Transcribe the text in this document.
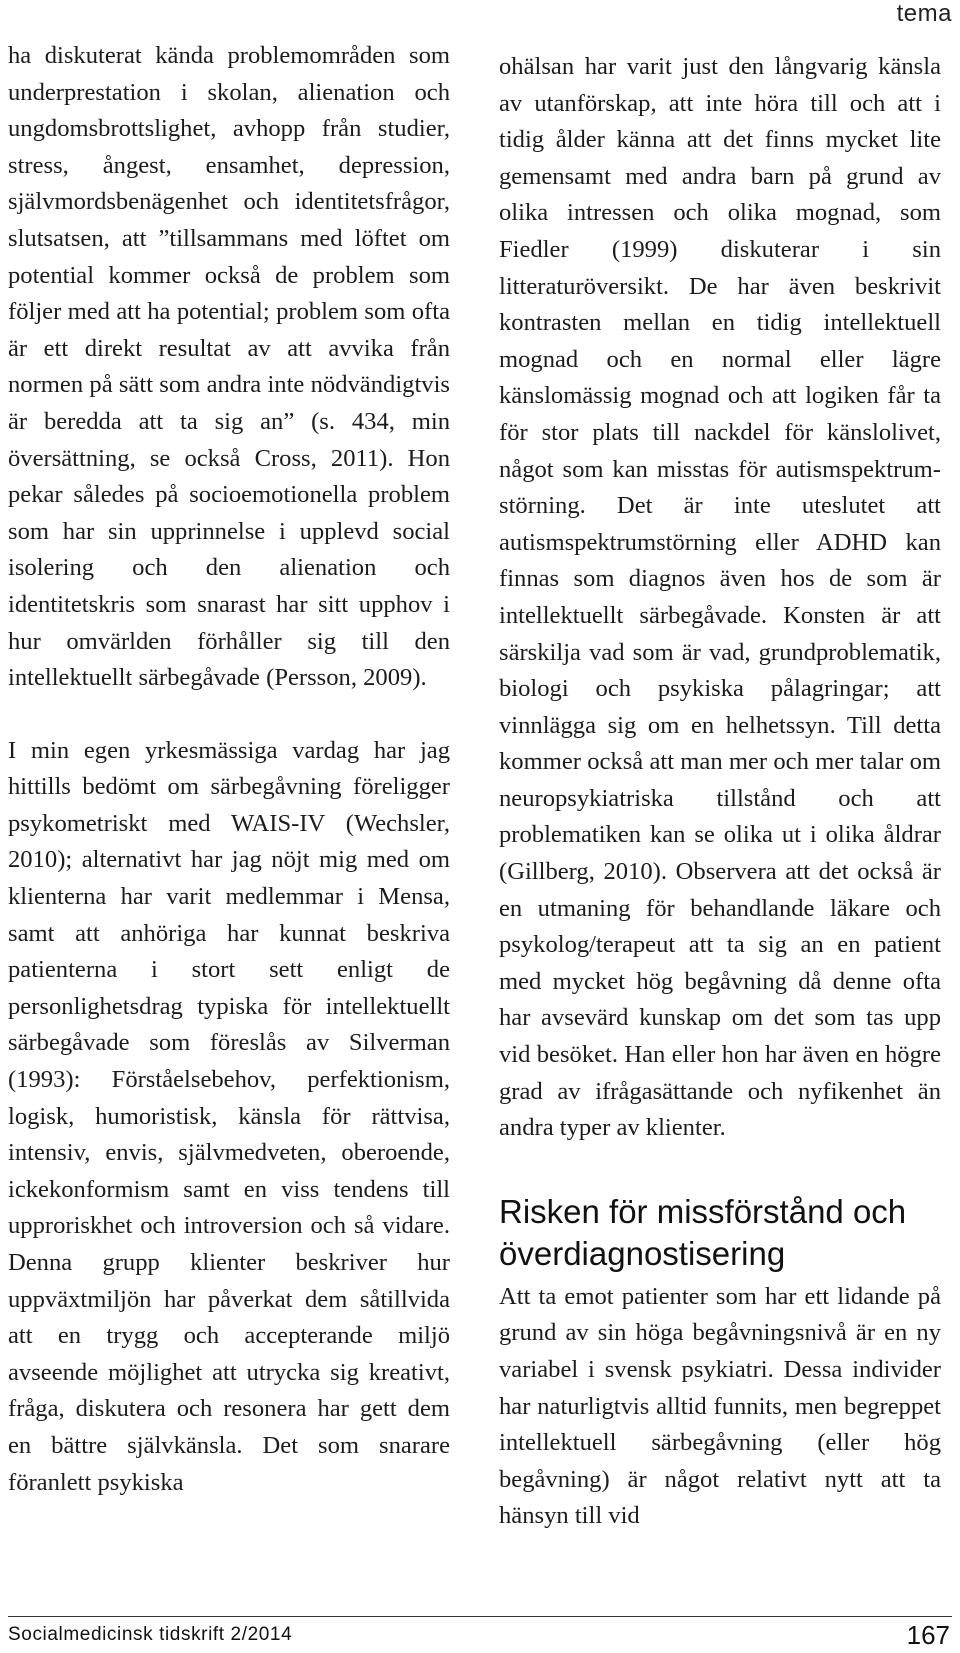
tema

ha diskuterat kända problemområden som underprestation i skolan, alienation och ungdomsbrottslighet, avhopp från studier, stress, ångest, ensamhet, depression, självmordsbenägenhet och identitetsfrågor, slutsatsen, att ”tillsammans med löftet om potential kommer också de problem som följer med att ha potential; problem som ofta är ett direkt resultat av att avvika från normen på sätt som andra inte nödvändigtvis är beredda att ta sig an” (s. 434, min översättning, se också Cross, 2011). Hon pekar således på socioemotionella problem som har sin upprinnelse i upplevd social isolering och den alienation och identitetskris som snarast har sitt upphov i hur omvärlden förhåller sig till den intellektuellt särbegåvade (Persson, 2009).

I min egen yrkesmässiga vardag har jag hittills bedömt om särbegåvning föreligger psykometriskt med WAIS-IV (Wechsler, 2010); alternativt har jag nöjt mig med om klienterna har varit medlemmar i Mensa, samt att anhöriga har kunnat beskriva patienterna i stort sett enligt de personlighetsdrag typiska för intellektuellt särbegåvade som föreslås av Silverman (1993): Förståelsebehov, perfektionism, logisk, humoristisk, känsla för rättvisa, intensiv, envis, självmedveten, oberoende, ickekonformism samt en viss tendens till upproriskhet och introversion och så vidare. Denna grupp klienter beskriver hur uppväxtmiljön har påverkat dem såtillvida att en trygg och accepterande miljö avseende möjlighet att utrycka sig kreativt, fråga, diskutera och resonera har gett dem en bättre självkänsla. Det som snarare föranlett psykiska

ohälsan har varit just den långvarig känsla av utanförskap, att inte höra till och att i tidig ålder känna att det finns mycket lite gemensamt med andra barn på grund av olika intressen och olika mognad, som Fiedler (1999) diskuterar i sin litteraturöversikt. De har även beskrivit kontrasten mellan en tidig intellektuell mognad och en normal eller lägre känslomässig mognad och att logiken får ta för stor plats till nackdel för känslolivet, något som kan misstas för autismspektrum-störning. Det är inte uteslutet att autismspektrumstörning eller ADHD kan finnas som diagnos även hos de som är intellektuellt särbegåvade. Konsten är att särskilja vad som är vad, grundproblematik, biologi och psykiska pålagringar; att vinnlägga sig om en helhetssyn. Till detta kommer också att man mer och mer talar om neuropsykiatriska tillstånd och att problematiken kan se olika ut i olika åldrar (Gillberg, 2010). Observera att det också är en utmaning för behandlande läkare och psykolog/terapeut att ta sig an en patient med mycket hög begåvning då denne ofta har avsevärd kunskap om det som tas upp vid besöket. Han eller hon har även en högre grad av ifrågasättande och nyfikenhet än andra typer av klienter.

Risken för missförstånd och överdiagnostisering

Att ta emot patienter som har ett lidande på grund av sin höga begåvningsnivå är en ny variabel i svensk psykiatri. Dessa individer har naturligtvis alltid funnits, men begreppet intellektuell särbegåvning (eller hög begåvning) är något relativt nytt att ta hänsyn till vid

Socialmedicinsk tidskrift 2/2014	167
